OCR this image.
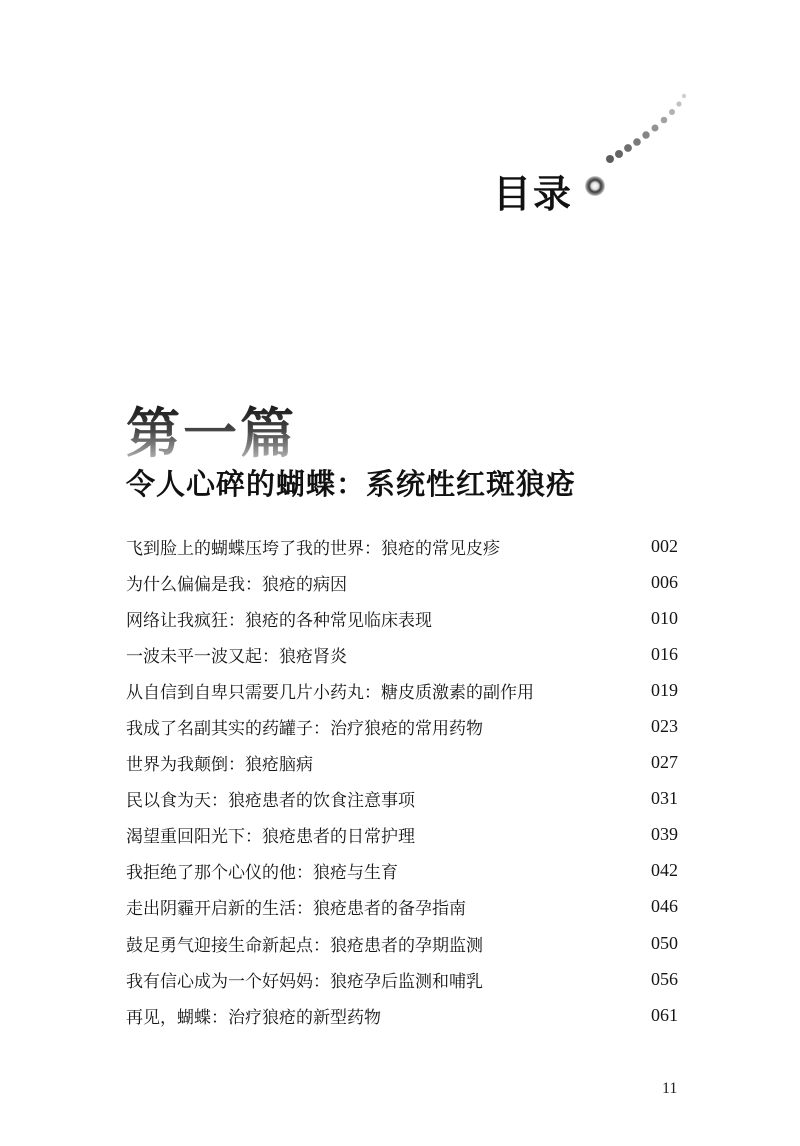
目录
第一篇
令人心碎的蝴蝶：系统性红斑狼疮
飞到脸上的蝴蝶压垮了我的世界：狼疮的常见皮疹	002
为什么偏偏是我：狼疮的病因	006
网络让我疯狂：狼疮的各种常见临床表现	010
一波未平一波又起：狼疮肾炎	016
从自信到自卑只需要几片小药丸：糖皮质激素的副作用	019
我成了名副其实的药罐子：治疗狼疮的常用药物	023
世界为我颠倒：狼疮脑病	027
民以食为天：狼疮患者的饮食注意事项	031
渴望重回阳光下：狼疮患者的日常护理	039
我拒绝了那个心仪的他：狼疮与生育	042
走出阴霾开启新的生活：狼疮患者的备孕指南	046
鼓足勇气迎接生命新起点：狼疮患者的孕期监测	050
我有信心成为一个好妈妈：狼疮孕后监测和哺乳	056
再见，蝴蝶：治疗狼疮的新型药物	061
11
